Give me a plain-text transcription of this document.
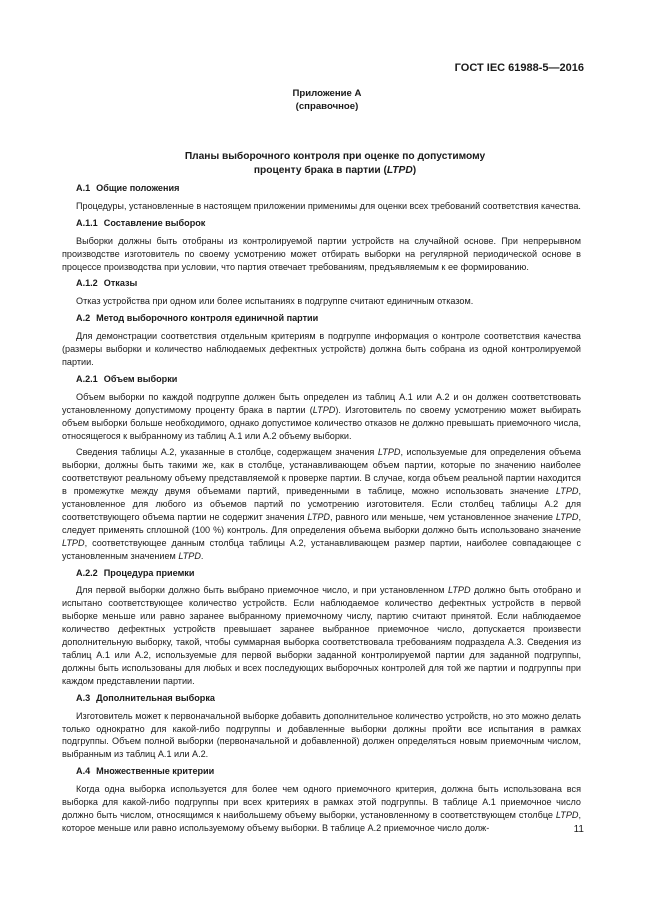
ГОСТ IEC 61988-5—2016
Приложение А
(справочное)
Планы выборочного контроля при оценке по допустимому
проценту брака в партии (LTPD)
А.1 Общие положения
Процедуры, установленные в настоящем приложении применимы для оценки всех требований соответствия качества.
А.1.1 Составление выборок
Выборки должны быть отобраны из контролируемой партии устройств на случайной основе. При непрерывном производстве изготовитель по своему усмотрению может отбирать выборки на регулярной периодической основе в процессе производства при условии, что партия отвечает требованиям, предъявляемым к ее формированию.
А.1.2 Отказы
Отказ устройства при одном или более испытаниях в подгруппе считают единичным отказом.
А.2 Метод выборочного контроля единичной партии
Для демонстрации соответствия отдельным критериям в подгруппе информация о контроле соответствия качества (размеры выборки и количество наблюдаемых дефектных устройств) должна быть собрана из одной контролируемой партии.
А.2.1 Объем выборки
Объем выборки по каждой подгруппе должен быть определен из таблиц А.1 или А.2 и он должен соответствовать установленному допустимому проценту брака в партии (LTPD). Изготовитель по своему усмотрению может выбирать объем выборки больше необходимого, однако допустимое количество отказов не должно превышать приемочного числа, относящегося к выбранному из таблиц А.1 или А.2 объему выборки.
Сведения таблицы А.2, указанные в столбце, содержащем значения LTPD, используемые для определения объема выборки, должны быть такими же, как в столбце, устанавливающем объем партии, которые по значению наиболее соответствуют реальному объему представляемой к проверке партии. В случае, когда объем реальной партии находится в промежутке между двумя объемами партий, приведенными в таблице, можно использовать значение LTPD, установленное для любого из объемов партий по усмотрению изготовителя. Если столбец таблицы А.2 для соответствующего объема партии не содержит значения LTPD, равного или меньше, чем установленное значение LTPD, следует применять сплошной (100 %) контроль. Для определения объема выборки должно быть использовано значение LTPD, соответствующее данным столбца таблицы А.2, устанавливающем размер партии, наиболее совпадающее с установленным значением LTPD.
А.2.2 Процедура приемки
Для первой выборки должно быть выбрано приемочное число, и при установленном LTPD должно быть отобрано и испытано соответствующее количество устройств. Если наблюдаемое количество дефектных устройств в первой выборке меньше или равно заранее выбранному приемочному числу, партию считают принятой. Если наблюдаемое количество дефектных устройств превышает заранее выбранное приемочное число, допускается произвести дополнительную выборку, такой, чтобы суммарная выборка соответствовала требованиям подраздела А.3. Сведения из таблиц А.1 или А.2, используемые для первой выборки заданной контролируемой партии для заданной подгруппы, должны быть использованы для любых и всех последующих выборочных контролей для той же партии и подгруппы при каждом представлении партии.
А.3 Дополнительная выборка
Изготовитель может к первоначальной выборке добавить дополнительное количество устройств, но это можно делать только однократно для какой-либо подгруппы и добавленные выборки должны пройти все испытания в рамках подгруппы. Объем полной выборки (первоначальной и добавленной) должен определяться новым приемочным числом, выбранным из таблиц А.1 или А.2.
А.4 Множественные критерии
Когда одна выборка используется для более чем одного приемочного критерия, должна быть использована вся выборка для какой-либо подгруппы при всех критериях в рамках этой подгруппы. В таблице А.1 приемочное число должно быть числом, относящимся к наибольшему объему выборки, установленному в соответствующем столбце LTPD, которое меньше или равно используемому объему выборки. В таблице А.2 приемочное число долж-	11
